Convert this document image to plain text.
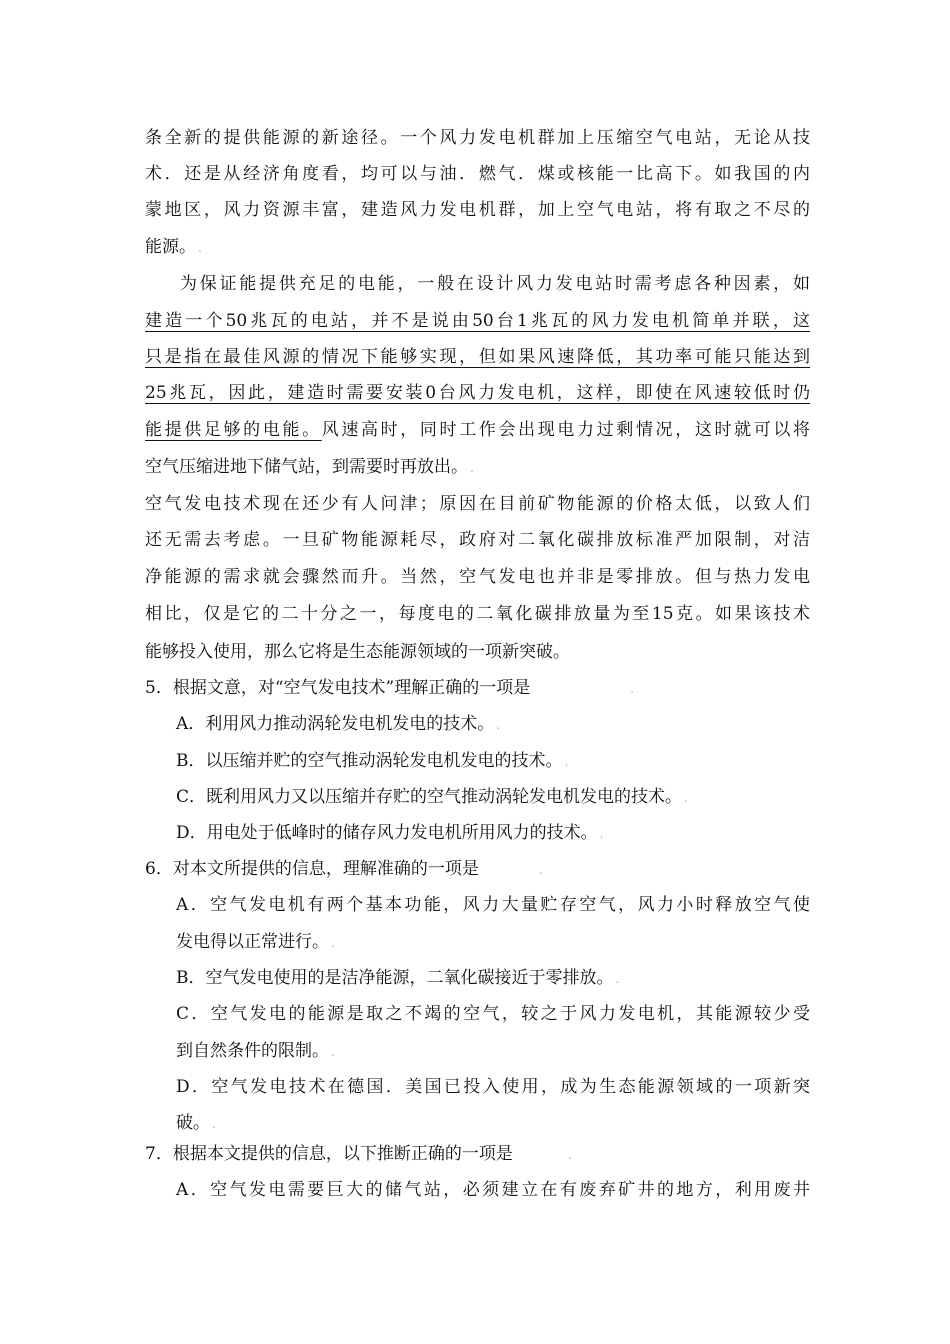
条全新的提供能源的新途径。一个风力发电机群加上压缩空气电站，无论从技
术．还是从经济角度看，均可以与油．燃气．煤或核能一比高下。如我国的内
蒙地区，风力资源丰富，建造风力发电机群，加上空气电站，将有取之不尽的
能源。 .
为保证能提供充足的电能，一般在设计风力发电站时需考虑各种因素，如
建造一个50兆瓦的电站，并不是说由50台1兆瓦的风力发电机简单并联，这
只是指在最佳风源的情况下能够实现，但如果风速降低，其功率可能只能达到
25兆瓦，因此，建造时需要安装0台风力发电机，这样，即使在风速较低时仍
能提供足够的电能。风速高时，同时工作会出现电力过剩情况，这时就可以将
空气压缩进地下储气站，到需要时再放出。 .
空气发电技术现在还少有人问津；原因在目前矿物能源的价格太低，以致人们
还无需去考虑。一旦矿物能源耗尽，政府对二氧化碳排放标准严加限制，对洁
净能源的需求就会骤然而升。当然，空气发电也并非是零排放。但与热力发电
相比，仅是它的二十分之一，每度电的二氧化碳排放量为至15克。如果该技术
能够投入使用，那么它将是生态能源领域的一项新突破。
5．根据文意，对“空气发电技术”理解正确的一项是	.
A．利用风力推动涡轮发电机发电的技术。 .
B．以压缩并贮的空气推动涡轮发电机发电的技术。 .
C．既利用风力又以压缩并存贮的空气推动涡轮发电机发电的技术。 .
D．用电处于低峰时的储存风力发电机所用风力的技术。 .
6．对本文所提供的信息，理解准确的一项是	.
A．空气发电机有两个基本功能，风力大量贮存空气，风力小时释放空气使
发电得以正常进行。 .
B．空气发电使用的是洁净能源，二氧化碳接近于零排放。 .
C．空气发电的能源是取之不竭的空气，较之于风力发电机，其能源较少受
到自然条件的限制。 .
D．空气发电技术在德国．美国已投入使用，成为生态能源领域的一项新突
破。 .
7．根据本文提供的信息，以下推断正确的一项是	.
A．空气发电需要巨大的储气站，必须建立在有废弃矿井的地方，利用废井
